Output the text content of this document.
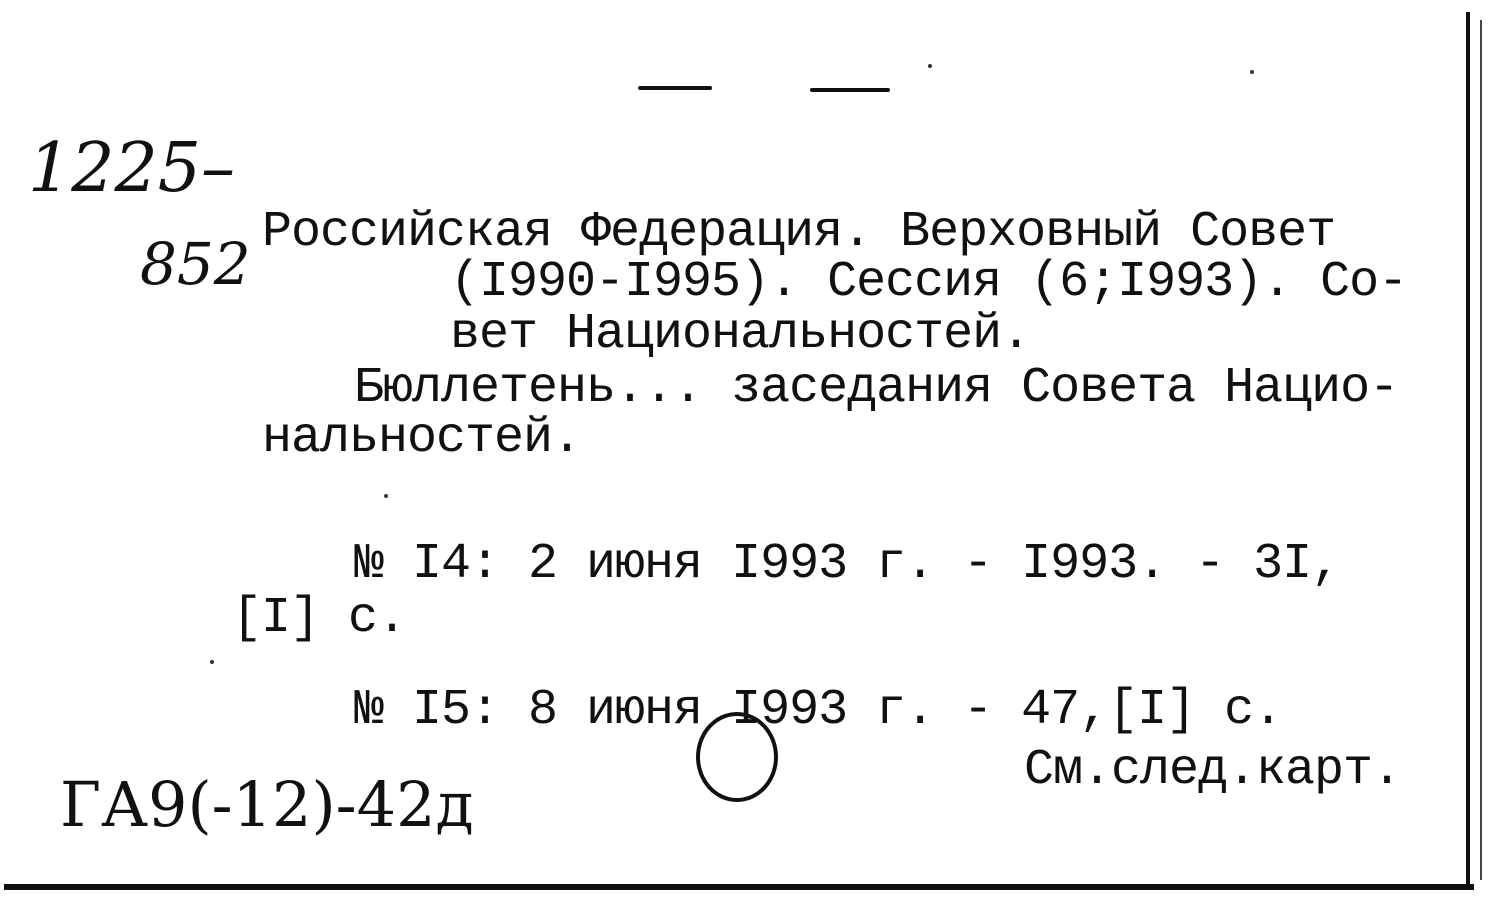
1225–
852 Российская Федерация. Верховный Совет
(I990-I995). Сессия (6;I993). Со-
вет Национальностей.
Бюллетень... заседания Совета Нацио-
нальностей.
№ I4: 2 июня I993 г. - I993. - 3I,
[I] с.
№ I5: 8 июня I993 г. - 47,[I] с.
См.след.карт.
ГА9(-12)-42д
